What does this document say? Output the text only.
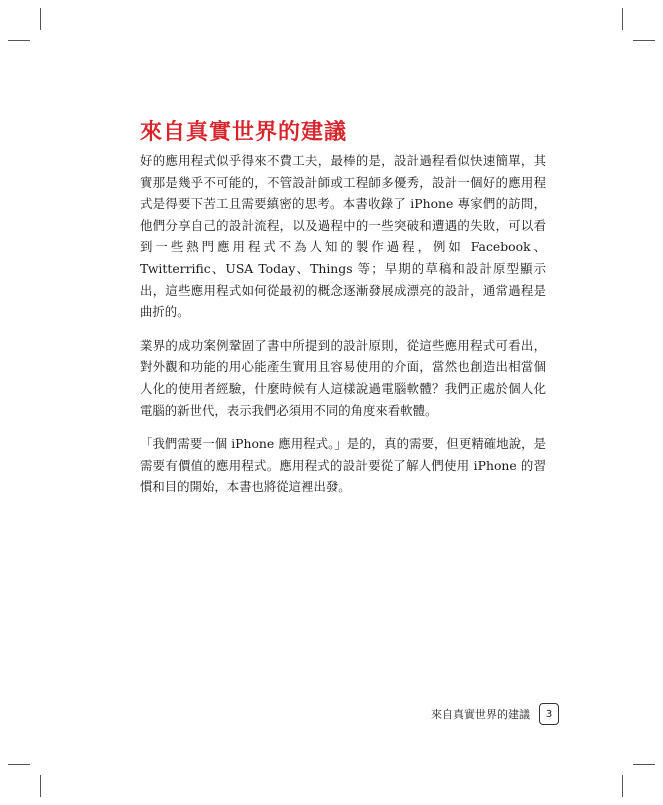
來自真實世界的建議

好的應用程式似乎得來不費工夫，最棒的是，設計過程看似快速簡單，其實那是幾乎不可能的，不管設計師或工程師多優秀，設計一個好的應用程式是得要下苦工且需要縝密的思考。本書收錄了 iPhone 專家們的訪問，他們分享自己的設計流程，以及過程中的一些突破和遭遇的失敗，可以看到一些熱門應用程式不為人知的製作過程，例如 Facebook、Twitterrific、USA Today、Things 等；早期的草稿和設計原型顯示出，這些應用程式如何從最初的概念逐漸發展成漂亮的設計，通常過程是曲折的。

業界的成功案例鞏固了書中所提到的設計原則，從這些應用程式可看出，對外觀和功能的用心能產生實用且容易使用的介面，當然也創造出相當個人化的使用者經驗，什麼時候有人這樣說過電腦軟體？我們正處於個人化電腦的新世代，表示我們必須用不同的角度來看軟體。

「我們需要一個 iPhone 應用程式。」是的，真的需要，但更精確地說，是需要有價值的應用程式。應用程式的設計要從了解人們使用 iPhone 的習慣和目的開始，本書也將從這裡出發。

來自真實世界的建議	3
